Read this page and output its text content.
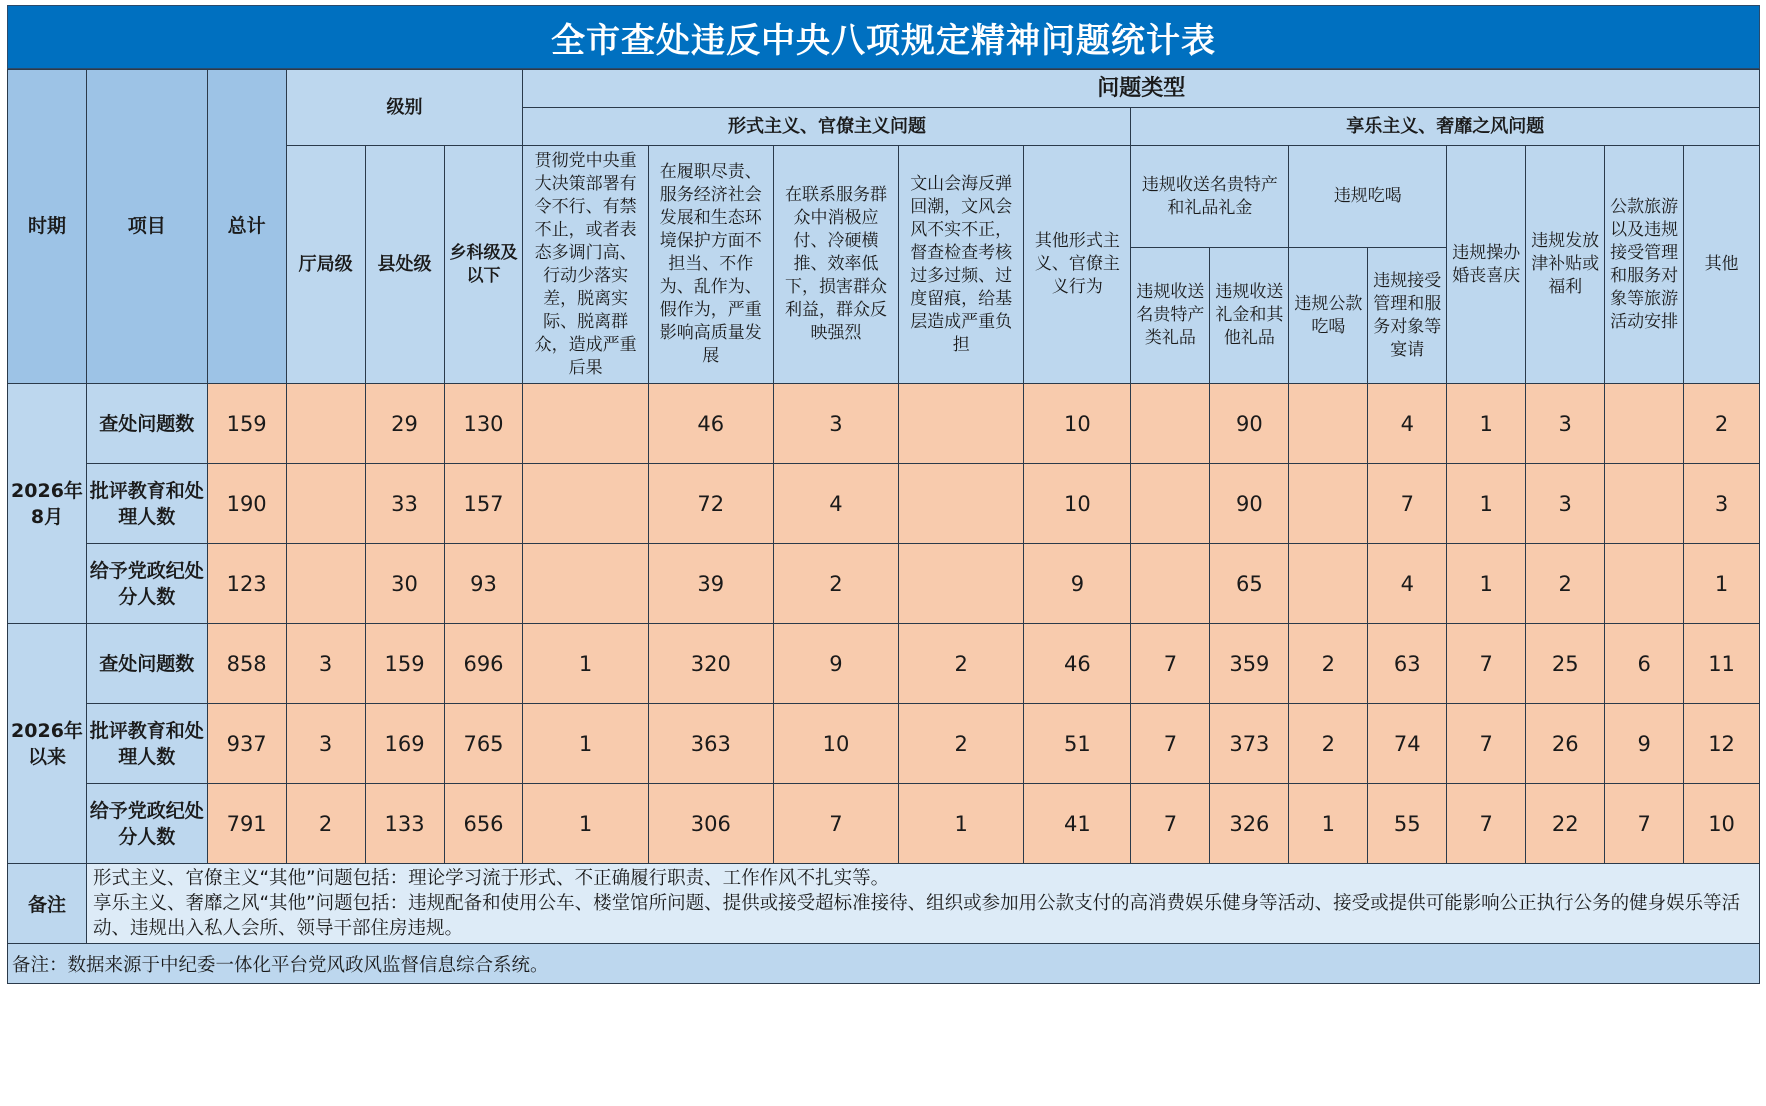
全市查处违反中央八项规定精神问题统计表
时期	项目	总计	级别			问题类型												
						形式主义、官僚主义问题					享乐主义、奢靡之风问题							
			厅局级	县处级	乡科级及以下	贯彻党中央重大决策部署有令不行、有禁不止，或者表态多调门高、行动少落实差，脱离实际、脱离群众，造成严重后果	在履职尽责、服务经济社会发展和生态环境保护方面不担当、不作为、乱作为、假作为，严重影响高质量发展	在联系服务群众中消极应付、冷硬横推、效率低下，损害群众利益，群众反映强烈	文山会海反弹回潮，文风会风不实不正，督查检查考核过多过频、过度留痕，给基层造成严重负担	其他形式主义、官僚主义行为	违规收送名贵特产和礼品礼金		违规吃喝		违规操办婚丧喜庆	违规发放津补贴或福利	公款旅游以及违规接受管理和服务对象等旅游活动安排	其他
											违规收送名贵特产类礼品	违规收送礼金和其他礼品	违规公款吃喝	违规接受管理和服务对象等宴请				
2026年8月	查处问题数	159		29	130		46	3		10		90		4	1	3		2
	批评教育和处理人数	190		33	157		72	4		10		90		7	1	3		3
	给予党政纪处分人数	123		30	93		39	2		9		65		4	1	2		1
2026年以来	查处问题数	858	3	159	696	1	320	9	2	46	7	359	2	63	7	25	6	11
	批评教育和处理人数	937	3	169	765	1	363	10	2	51	7	373	2	74	7	26	9	12
	给予党政纪处分人数	791	2	133	656	1	306	7	1	41	7	326	1	55	7	22	7	10
备注	形式主义、官僚主义“其他”问题包括：理论学习流于形式、不正确履行职责、工作作风不扎实等。
享乐主义、奢靡之风“其他”问题包括：违规配备和使用公车、楼堂馆所问题、提供或接受超标准接待、组织或参加用公款支付的高消费娱乐健身等活动、接受或提供可能影响公正执行公务的健身娱乐等活动、违规出入私人会所、领导干部住房违规。																	

备注：数据来源于中纪委一体化平台党风政风监督信息综合系统。																		
